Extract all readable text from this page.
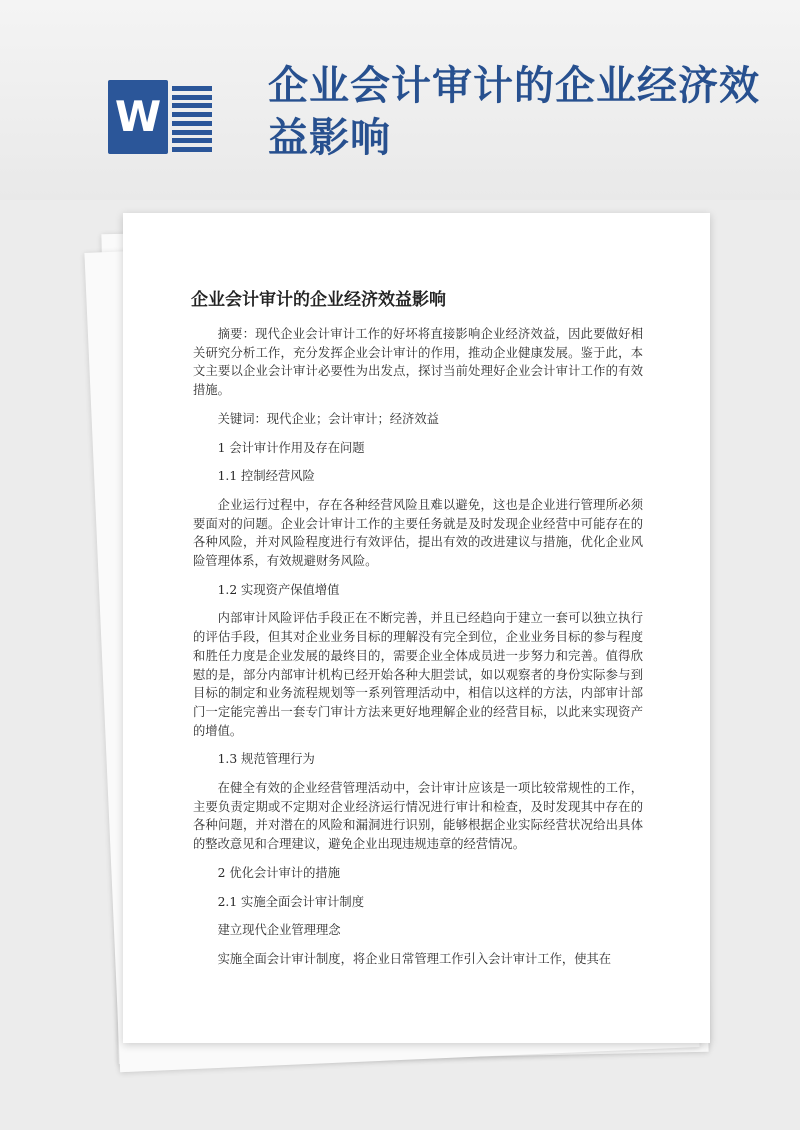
W
企业会计审计的企业经济效益影响
企业会计审计的企业经济效益影响

摘要：现代企业会计审计工作的好坏将直接影响企业经济效益，因此要做好相关研究分析工作，充分发挥企业会计审计的作用，推动企业健康发展。鉴于此，本文主要以企业会计审计必要性为出发点，探讨当前处理好企业会计审计工作的有效措施。

关键词：现代企业；会计审计；经济效益

1 会计审计作用及存在问题

1.1 控制经营风险

企业运行过程中，存在各种经营风险且难以避免，这也是企业进行管理所必须要面对的问题。企业会计审计工作的主要任务就是及时发现企业经营中可能存在的各种风险，并对风险程度进行有效评估，提出有效的改进建议与措施，优化企业风险管理体系，有效规避财务风险。

1.2 实现资产保值增值

内部审计风险评估手段正在不断完善，并且已经趋向于建立一套可以独立执行的评估手段，但其对企业业务目标的理解没有完全到位，企业业务目标的参与程度和胜任力度是企业发展的最终目的，需要企业全体成员进一步努力和完善。值得欣慰的是，部分内部审计机构已经开始各种大胆尝试，如以观察者的身份实际参与到目标的制定和业务流程规划等一系列管理活动中，相信以这样的方法，内部审计部门一定能完善出一套专门审计方法来更好地理解企业的经营目标，以此来实现资产的增值。

1.3 规范管理行为

在健全有效的企业经营管理活动中，会计审计应该是一项比较常规性的工作，主要负责定期或不定期对企业经济运行情况进行审计和检查，及时发现其中存在的各种问题，并对潜在的风险和漏洞进行识别，能够根据企业实际经营状况给出具体的整改意见和合理建议，避免企业出现违规违章的经营情况。

2 优化会计审计的措施

2.1 实施全面会计审计制度

建立现代企业管理理念

实施全面会计审计制度，将企业日常管理工作引入会计审计工作，使其在
